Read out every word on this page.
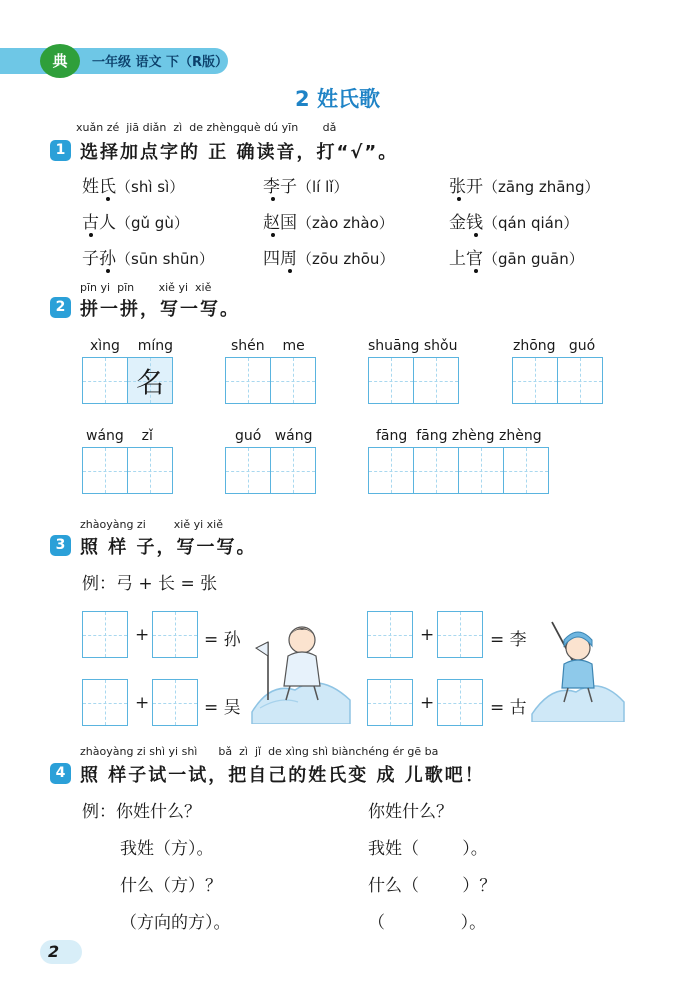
典	一年级 语文 下（R版）
2 姓氏歌
xuǎn zé jiā diǎn zì de zhèngquè dú yīn dǎ
1 选择加点字的 正 确读音，打“√”。
姓氏（shì sì）	李子（lí lǐ）	张开（zāng zhāng）
古人（gǔ gù）	赵国（zào zhào）	金钱（qán qián）
子孙（sūn shūn）	四周（zōu zhōu）	上官（gān guān）
pīn yi pīn xiě yi xiě
2 拼一拼，写一写。
xìng míng
名
shén me	shuāng shǒu	zhōng guó
wáng zǐ	guó wáng	fāng fāng zhèng zhèng
zhàoyàng zi	xiě yi xiě
3 照 样 子，写一写。
例：弓 + 长 = 张
+	= 孙	+	= 李
+	= 吴	+	= 古
zhàoyàng zi shì yi shì bǎ zì jǐ de xìng shì biànchéng ér gē ba
4 照 样子试一试，把自己的姓氏变 成 儿歌吧！
例：你姓什么？
我姓（方）。
什么（方）？
（方向的方）。
你姓什么？
我姓（        ）。
什么（        ）？
（              ）。
2
